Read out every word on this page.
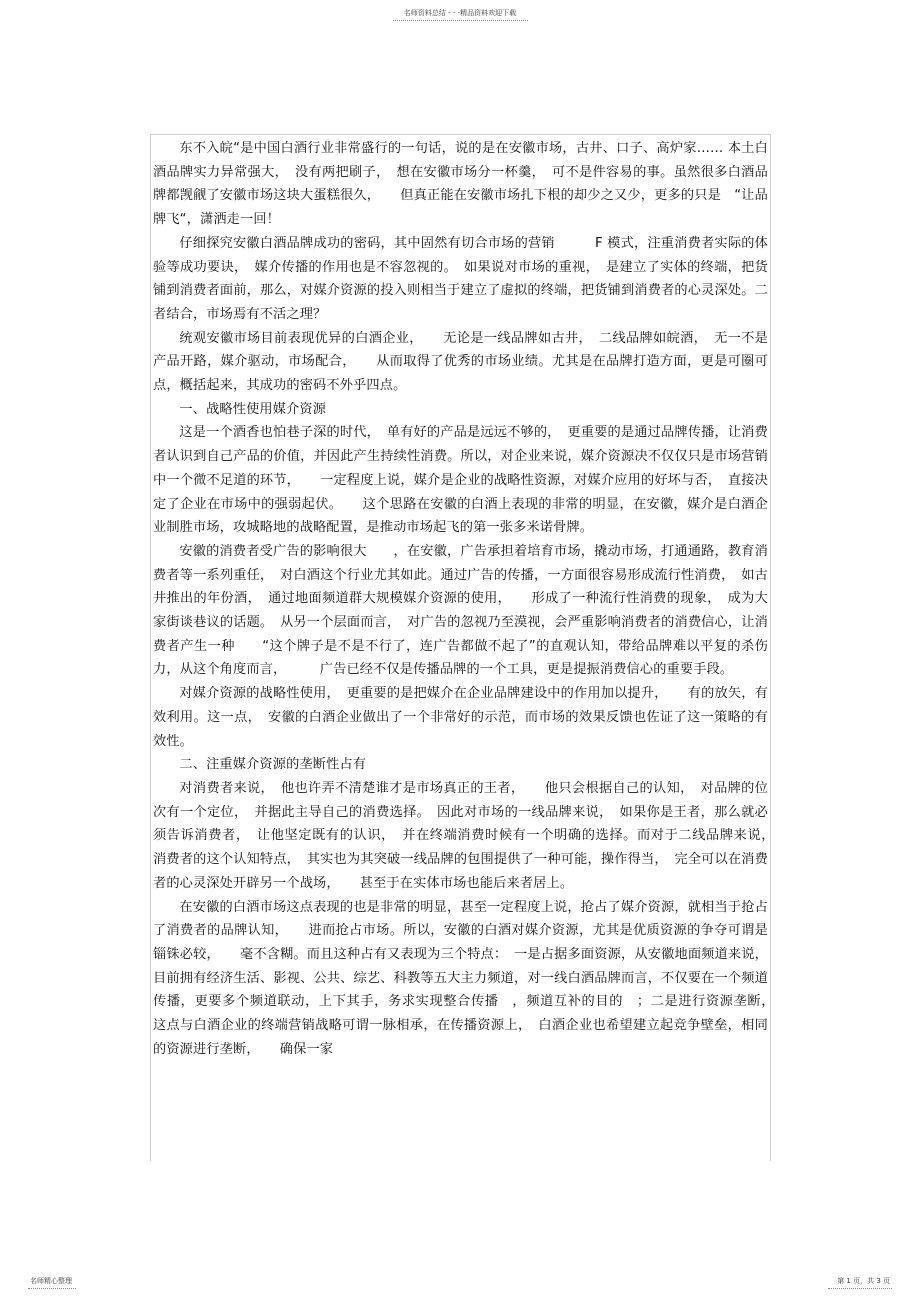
名师资料总结 - - -精品资料欢迎下载

东不入皖“是中国白酒行业非常盛行的一句话，说的是在安徽市场，古井、口子、高炉家…… 本土白酒品牌实力异常强大，　没有两把刷子，　想在安徽市场分一杯羹，　可不是件容易的事。虽然很多白酒品牌都觊觎了安徽市场这块大蛋糕很久，　　但真正能在安徽市场扎下根的却少之又少，更多的只是　“让品牌飞“，潇洒走一回！

仔细探究安徽白酒品牌成功的密码，其中固然有切合市场的营销　　　F 模式，注重消费者实际的体验等成功要诀，　媒介传播的作用也是不容忽视的。　如果说对市场的重视，　是建立了实体的终端，把货铺到消费者面前，那么，对媒介资源的投入则相当于建立了虚拟的终端，把货铺到消费者的心灵深处。二者结合，市场焉有不活之理？

统观安徽市场目前表现优异的白酒企业，　　无论是一线品牌如古井，　二线品牌如皖酒，　无一不是 产品开路，媒介驱动，市场配合，　　从而取得了优秀的市场业绩。尤其是在品牌打造方面，更是可圈可点，概括起来，其成功的密码不外乎四点。

一、战略性使用媒介资源

这是一个酒香也怕巷子深的时代，　单有好的产品是远远不够的，　更重要的是通过品牌传播，让消费者认识到自己产品的价值，并因此产生持续性消费。所以，对企业来说，媒介资源决不仅仅只是市场营销中一个微不足道的环节，　　一定程度上说，媒介是企业的战略性资源，对媒介应用的好坏与否，　直接决定了企业在市场中的强弱起伏。　　这个思路在安徽的白酒上表现的非常的明显，在安徽，媒介是白酒企业制胜市场，攻城略地的战略配置，是推动市场起飞的第一张多米诺骨牌。

安徽的消费者受广告的影响很大　　，在安徽，广告承担着培育市场，撬动市场，打通通路，教育消费者等一系列重任，　对白酒这个行业尤其如此。通过广告的传播，一方面很容易形成流行性消费，　如古井推出的年份酒，　通过地面频道群大规模媒介资源的使用，　　形成了一种流行性消费的现象，　成为大家街谈巷议的话题。　从另一个层面而言，　对广告的忽视乃至漠视，会严重影响消费者的消费信心，让消费者产生一种　　“这个牌子是不是不行了，连广告都做不起了”的直观认知，带给品牌难以平复的杀伤力，从这个角度而言，　　　广告已经不仅是传播品牌的一个工具，更是提振消费信心的重要手段。

对媒介资源的战略性使用，　更重要的是把媒介在企业品牌建设中的作用加以提升，　　有的放矢，有效利用。这一点，　安徽的白酒企业做出了一个非常好的示范，而市场的效果反馈也佐证了这一策略的有效性。

二、注重媒介资源的垄断性占有

对消费者来说，　他也许弄不清楚谁才是市场真正的王者，　　他只会根据自己的认知，　对品牌的位次有一个定位，　并据此主导自己的消费选择。　因此对市场的一线品牌来说，　如果你是王者，那么就必须告诉消费者，　让他坚定既有的认识，　并在终端消费时候有一个明确的选择。而对于二线品牌来说，　消费者的这个认知特点，　其实也为其突破一线品牌的包围提供了一种可能，操作得当，　完全可以在消费者的心灵深处开辟另一个战场，　　甚至于在实体市场也能后来者居上。

在安徽的白酒市场这点表现的也是非常的明显，甚至一定程度上说，抢占了媒介资源，就相当于抢占了消费者的品牌认知，　　进而抢占市场。所以，安徽的白酒对媒介资源，尤其是优质资源的争夺可谓是锱铢必较，　　毫不含糊。而且这种占有又表现为三个特点：　一是占据多面资源，从安徽地面频道来说，目前拥有经济生活、影视、公共、综艺、科教等五大主力频道，对一线白酒品牌而言，不仅要在一个频道传播，更要多个频道联动，上下其手，务求实现整合传播　，频道互补的目的　；二是进行资源垄断，　这点与白酒企业的终端营销战略可谓一脉相承，在传播资源上，　白酒企业也希望建立起竞争壁垒，相同的资源进行垄断，　　确保一家

名师精心整理	第 1 页，共 3 页
